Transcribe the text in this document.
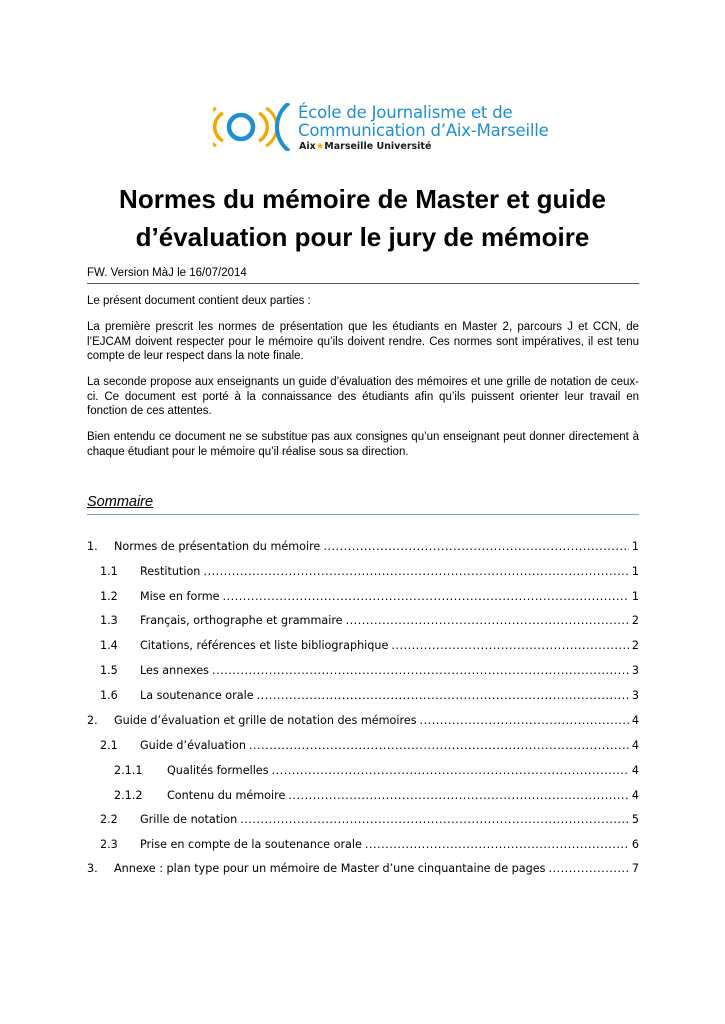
École de Journalisme et de
Communication d’Aix-Marseille
Aix★Marseille Université
Normes du mémoire de Master et guide
d’évaluation pour le jury de mémoire
FW. Version MàJ le 16/07/2014
Le présent document contient deux parties :
La première prescrit les normes de présentation que les étudiants en Master 2, parcours J et CCN, de l’EJCAM doivent respecter pour le mémoire qu’ils doivent rendre. Ces normes sont impératives, il est tenu compte de leur respect dans la note finale.
La seconde propose aux enseignants un guide d’évaluation des mémoires et une grille de notation de ceux-ci. Ce document est porté à la connaissance des étudiants afin qu’ils puissent orienter leur travail en fonction de ces attentes.
Bien entendu ce document ne se substitue pas aux consignes qu’un enseignant peut donner directement à chaque étudiant pour le mémoire qu’il réalise sous sa direction.
Sommaire
1.	Normes de présentation du mémoire .....	1
1.1	Restitution .....	1
1.2	Mise en forme .....	1
1.3	Français, orthographe et grammaire .....	2
1.4	Citations, références et liste bibliographique .....	2
1.5	Les annexes .....	3
1.6	La soutenance orale .....	3
2.	Guide d’évaluation et grille de notation des mémoires .....	4
2.1	Guide d’évaluation .....	4
2.1.1	Qualités formelles .....	4
2.1.2	Contenu du mémoire .....	4
2.2	Grille de notation .....	5
2.3	Prise en compte de la soutenance orale .....	6
3.	Annexe : plan type pour un mémoire de Master d’une cinquantaine de pages .....	7
